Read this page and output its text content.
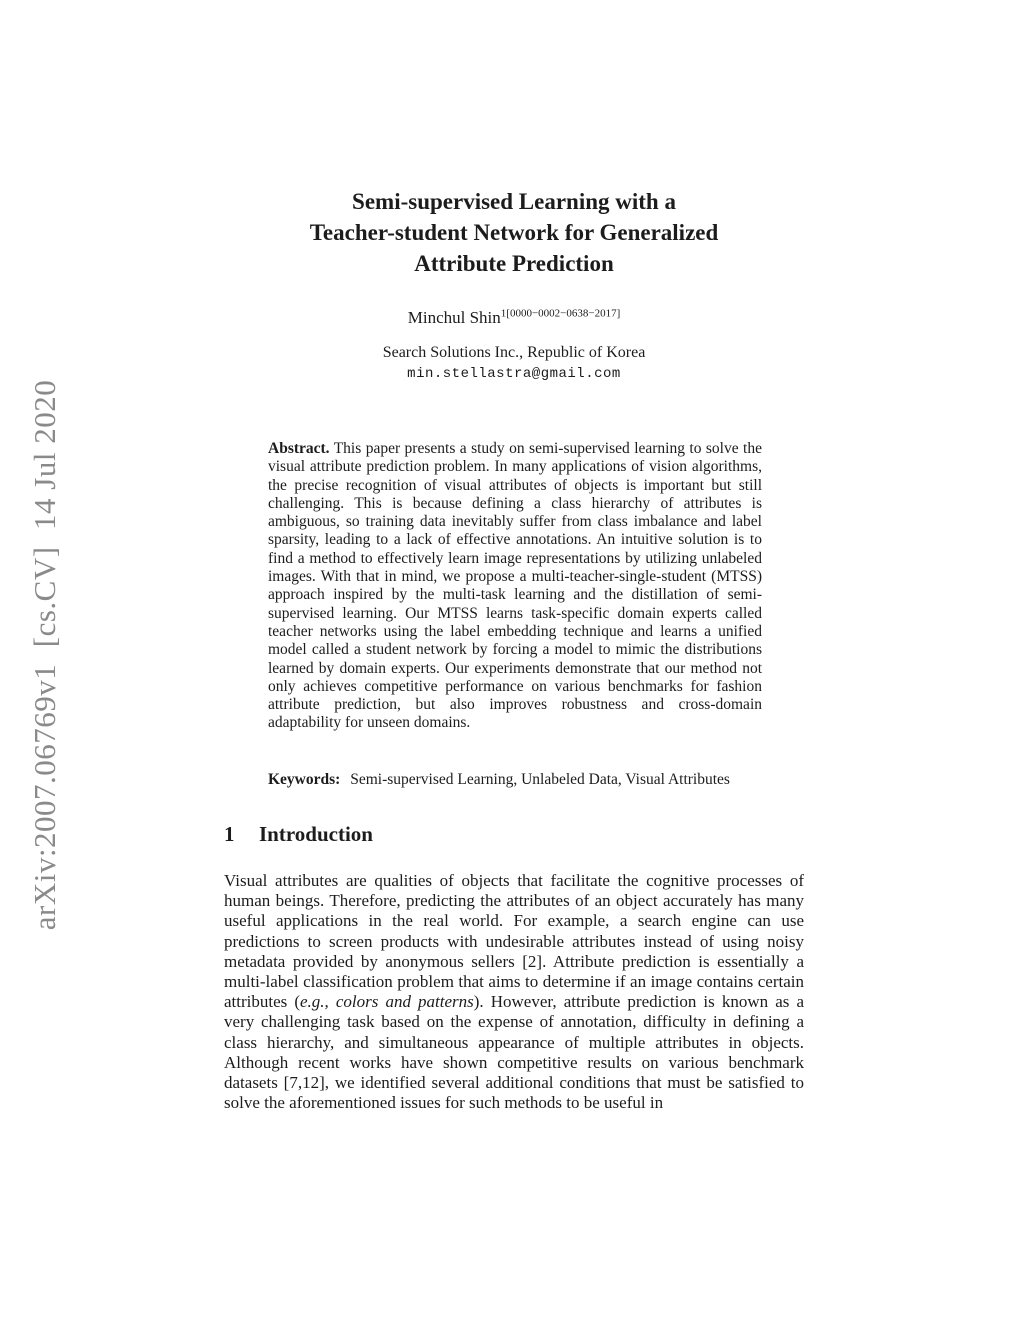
arXiv:2007.06769v1  [cs.CV]  14 Jul 2020
Semi-supervised Learning with a
Teacher-student Network for Generalized
Attribute Prediction
Minchul Shin$^{1[0000-0002-0638-2017]}$
Search Solutions Inc., Republic of Korea
min.stellastra@gmail.com
Abstract. This paper presents a study on semi-supervised learning to solve the visual attribute prediction problem. In many applications of vision algorithms, the precise recognition of visual attributes of objects is important but still challenging. This is because defining a class hierarchy of attributes is ambiguous, so training data inevitably suffer from class imbalance and label sparsity, leading to a lack of effective annotations. An intuitive solution is to find a method to effectively learn image representations by utilizing unlabeled images. With that in mind, we propose a multi-teacher-single-student (MTSS) approach inspired by the multi-task learning and the distillation of semi-supervised learning. Our MTSS learns task-specific domain experts called teacher networks using the label embedding technique and learns a unified model called a student network by forcing a model to mimic the distributions learned by domain experts. Our experiments demonstrate that our method not only achieves competitive performance on various benchmarks for fashion attribute prediction, but also improves robustness and cross-domain adaptability for unseen domains.
Keywords: Semi-supervised Learning, Unlabeled Data, Visual Attributes
1 Introduction
Visual attributes are qualities of objects that facilitate the cognitive processes of human beings. Therefore, predicting the attributes of an object accurately has many useful applications in the real world. For example, a search engine can use predictions to screen products with undesirable attributes instead of using noisy metadata provided by anonymous sellers [2]. Attribute prediction is essentially a multi-label classification problem that aims to determine if an image contains certain attributes (e.g., colors and patterns). However, attribute prediction is known as a very challenging task based on the expense of annotation, difficulty in defining a class hierarchy, and simultaneous appearance of multiple attributes in objects. Although recent works have shown competitive results on various benchmark datasets [7,12], we identified several additional conditions that must be satisfied to solve the aforementioned issues for such methods to be useful in
